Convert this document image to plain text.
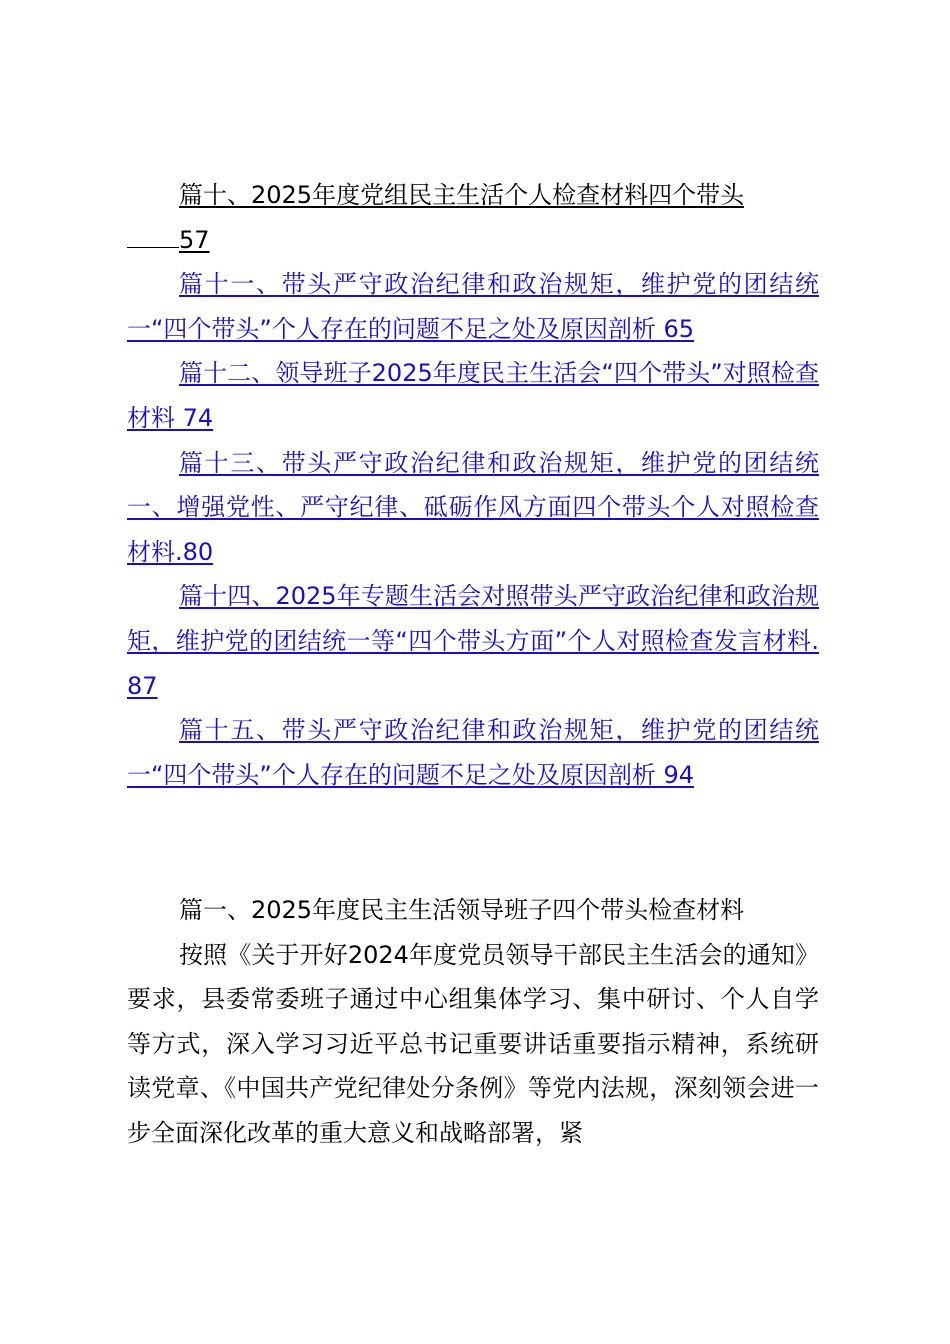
篇十、2025年度党组民主生活个人检查材料四个带头
57

篇十一、带头严守政治纪律和政治规矩，维护党的团结统一“四个带头”个人存在的问题不足之处及原因剖析 65

篇十二、领导班子2025年度民主生活会“四个带头”对照检查材料 74

篇十三、带头严守政治纪律和政治规矩，维护党的团结统一、增强党性、严守纪律、砥砺作风方面四个带头个人对照检查材料.80

篇十四、2025年专题生活会对照带头严守政治纪律和政治规矩，维护党的团结统一等“四个带头方面”个人对照检查发言材料.87

篇十五、带头严守政治纪律和政治规矩，维护党的团结统一“四个带头”个人存在的问题不足之处及原因剖析 94

篇一、2025年度民主生活领导班子四个带头检查材料

按照《关于开好2024年度党员领导干部民主生活会的通知》要求，县委常委班子通过中心组集体学习、集中研讨、个人自学等方式，深入学习习近平总书记重要讲话重要指示精神，系统研读党章、《中国共产党纪律处分条例》等党内法规，深刻领会进一步全面深化改革的重大意义和战略部署，紧
